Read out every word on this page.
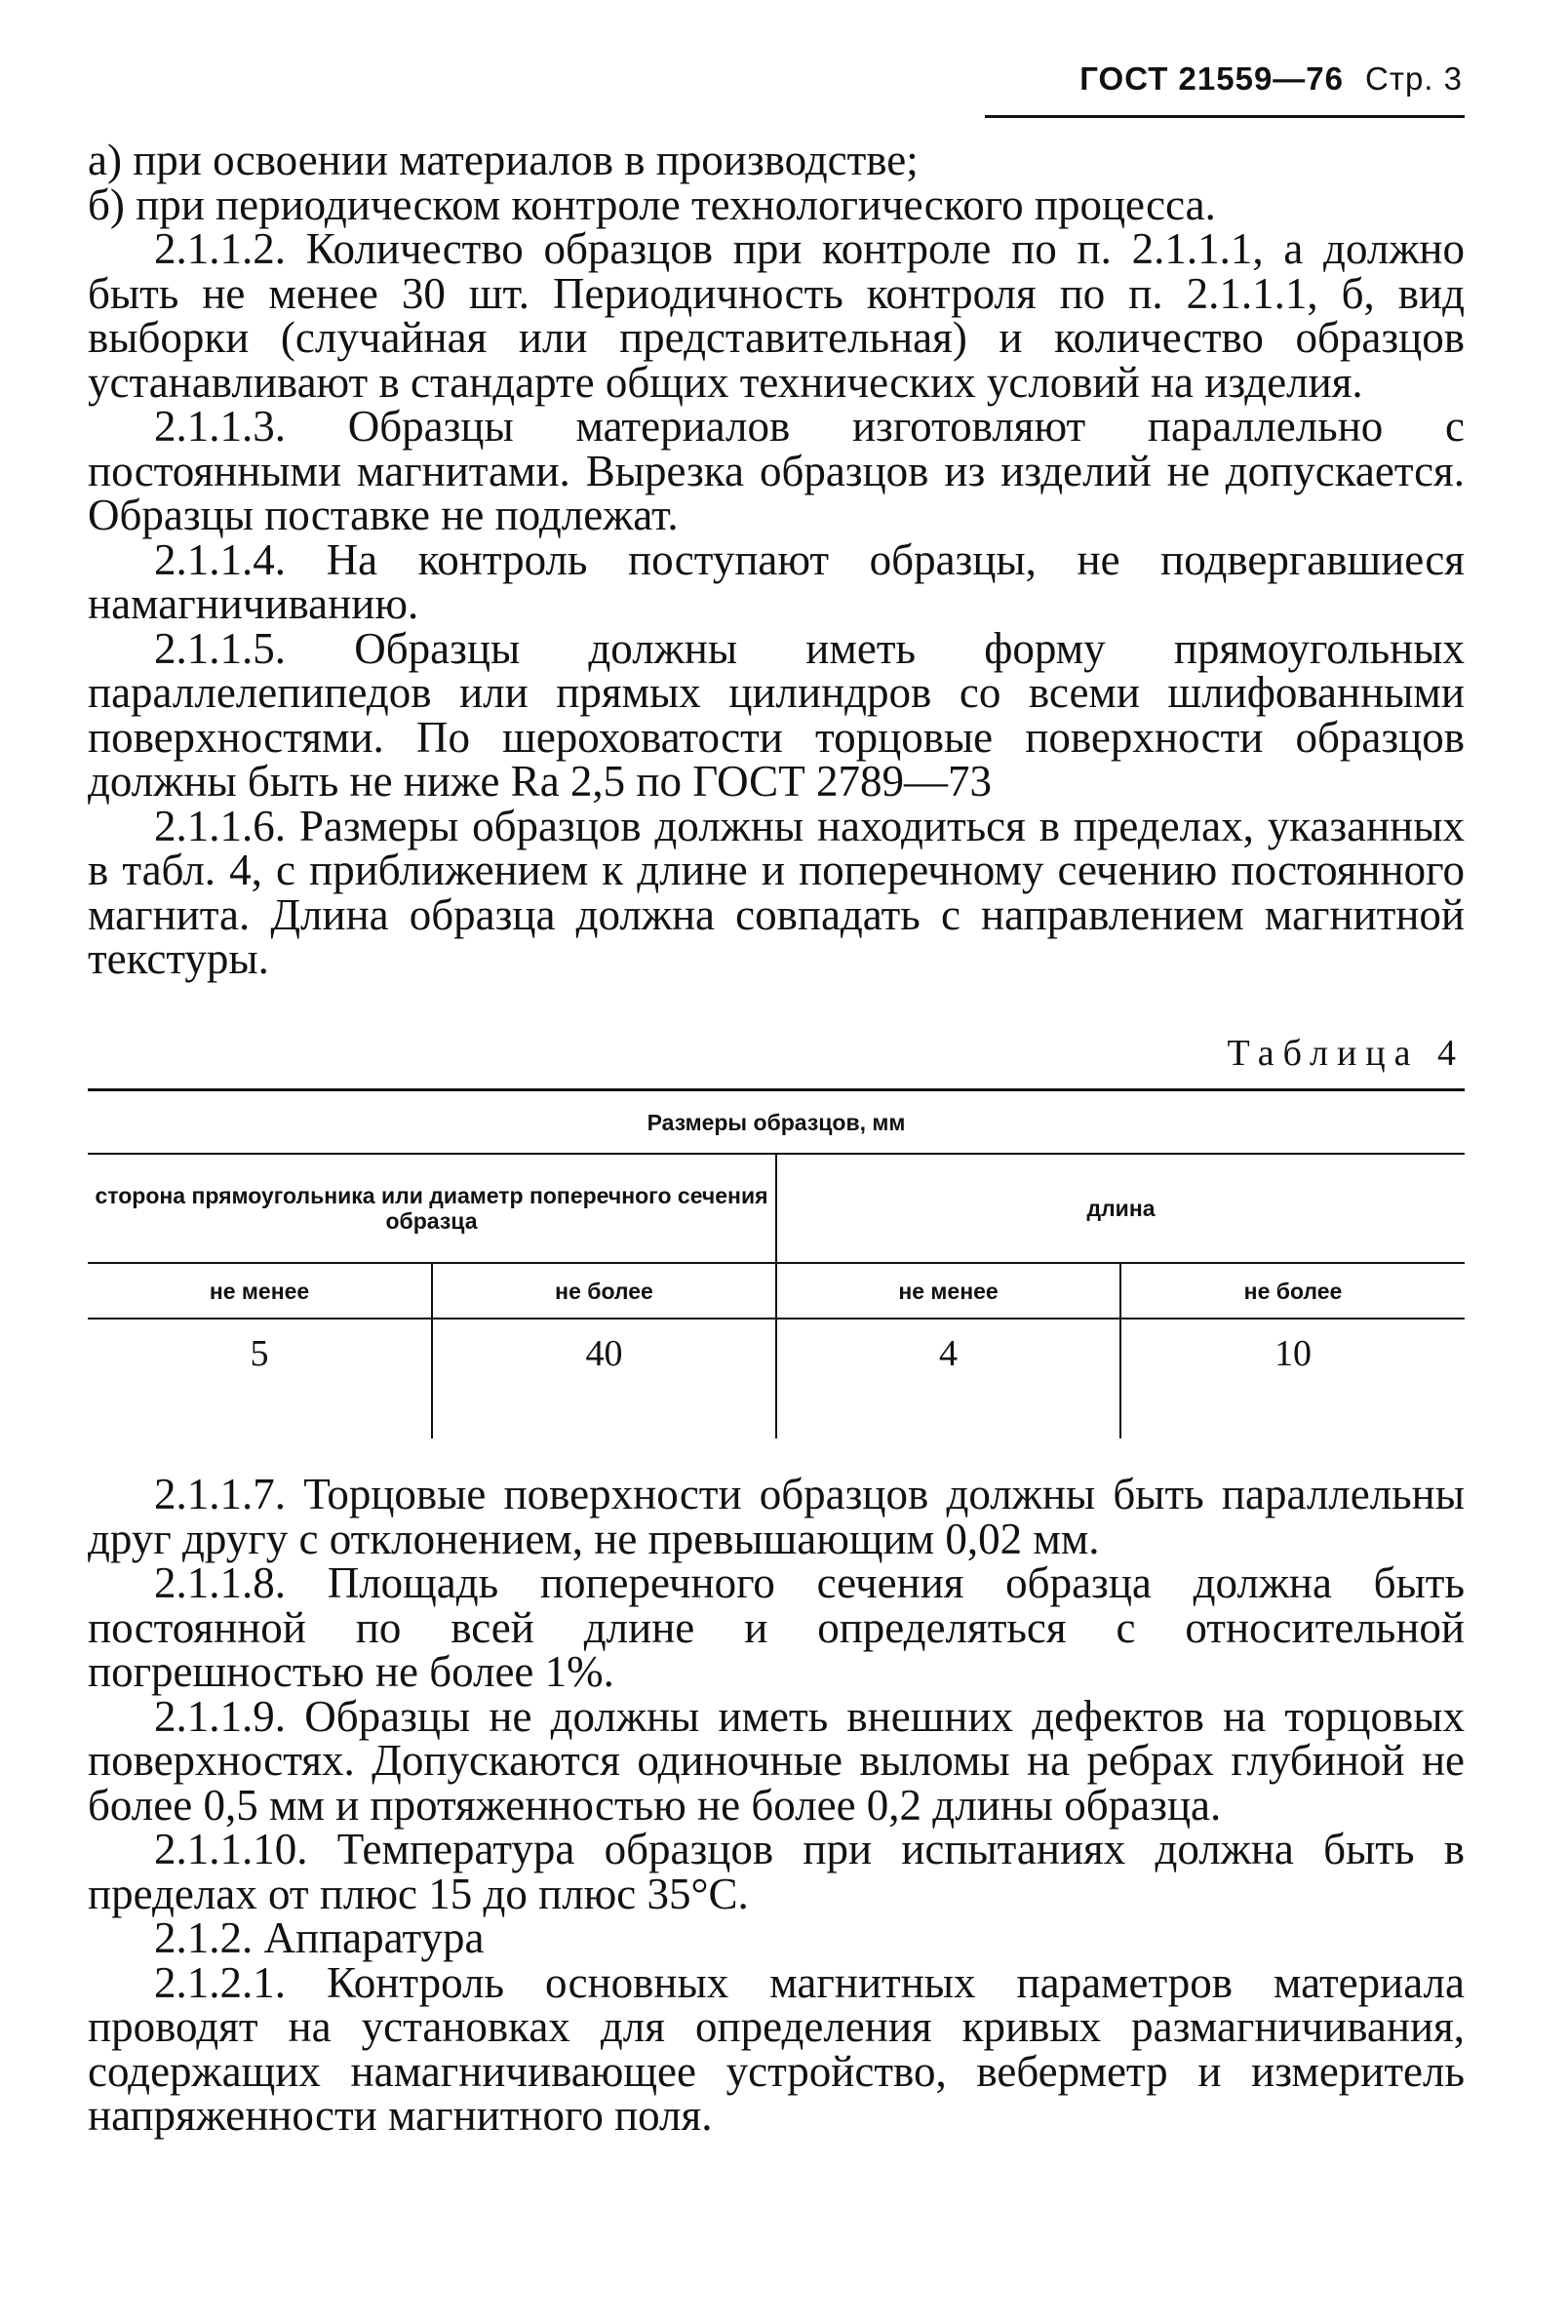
ГОСТ 21559—76 Стр. 3

а) при освоении материалов в производстве;

б) при периодическом контроле технологического процесса.

2.1.1.2. Количество образцов при контроле по п. 2.1.1.1, а должно быть не менее 30 шт. Периодичность контроля по п. 2.1.1.1, б, вид выборки (случайная или представительная) и количество образцов устанавливают в стандарте общих технических условий на изделия.

2.1.1.3. Образцы материалов изготовляют параллельно с постоянными магнитами. Вырезка образцов из изделий не допускается. Образцы поставке не подлежат.

2.1.1.4. На контроль поступают образцы, не подвергавшиеся намагничиванию.

2.1.1.5. Образцы должны иметь форму прямоугольных параллелепипедов или прямых цилиндров со всеми шлифованными поверхностями. По шероховатости торцовые поверхности образцов должны быть не ниже Ra 2,5 по ГОСТ 2789—73

2.1.1.6. Размеры образцов должны находиться в пределах, указанных в табл. 4, с приближением к длине и поперечному сечению постоянного магнита. Длина образца должна совпадать с направлением магнитной текстуры.

Таблица 4
Размеры образцов, мм			
сторона прямоугольника или диаметр поперечного сечения образца		длина	
не менее	не более	не менее	не более
5	40	4	10

2.1.1.7. Торцовые поверхности образцов должны быть параллельны друг другу с отклонением, не превышающим 0,02 мм.

2.1.1.8. Площадь поперечного сечения образца должна быть постоянной по всей длине и определяться с относительной погрешностью не более 1%.

2.1.1.9. Образцы не должны иметь внешних дефектов на торцовых поверхностях. Допускаются одиночные выломы на ребрах глубиной не более 0,5 мм и протяженностью не более 0,2 длины образца.

2.1.1.10. Температура образцов при испытаниях должна быть в пределах от плюс 15 до плюс 35°С.

2.1.2. Аппаратура

2.1.2.1. Контроль основных магнитных параметров материала проводят на установках для определения кривых размагничивания, содержащих намагничивающее устройство, веберметр и измеритель напряженности магнитного поля.
